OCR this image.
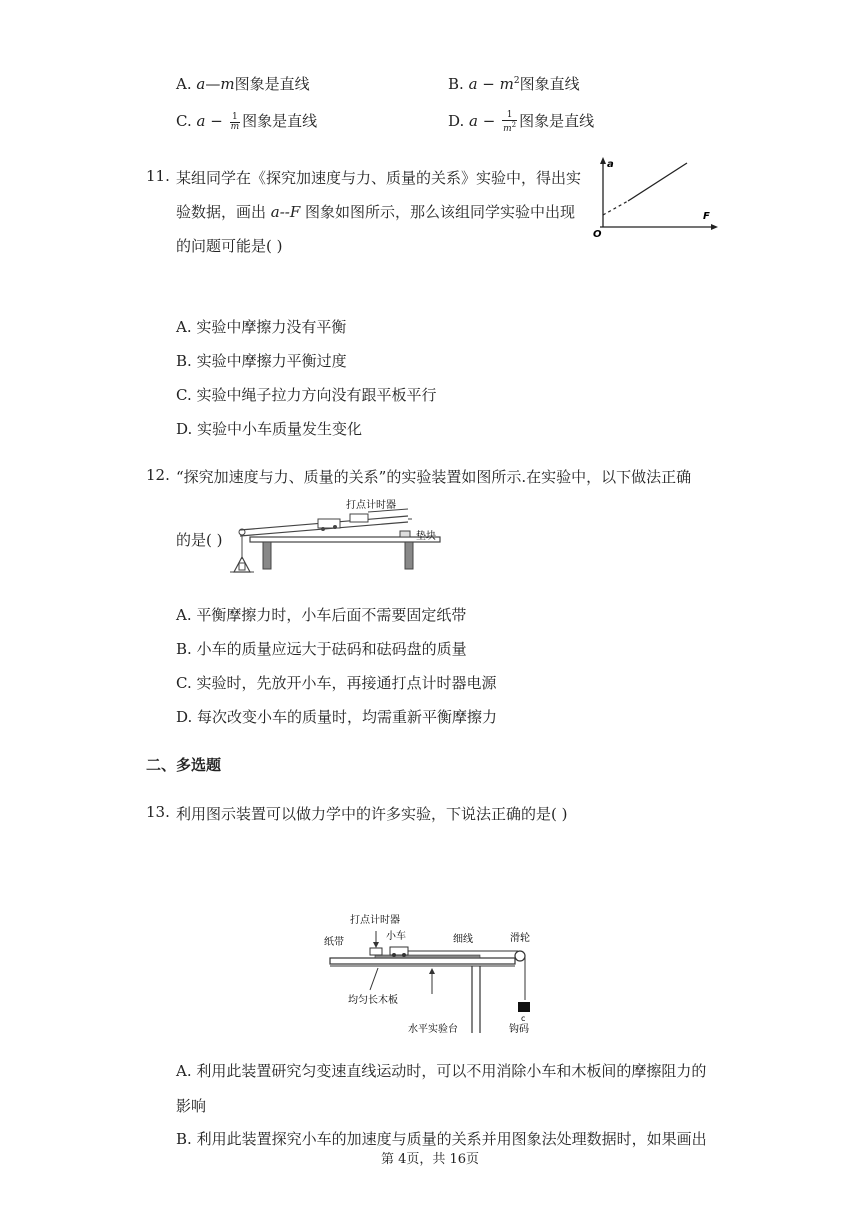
A. a—m图象是直线	B. $a - m^2$图象直线
C. $a - \frac{1}{m}$ 图象是直线	D. $a - \frac{1}{m^2}$ 图象是直线
11. 某组同学在《探究加速度与力、质量的关系》实验中，得出实
验数据，画出 a--F 图象如图所示，那么该组同学实验中出现
的问题可能是( )
a
F
O
A. 实验中摩擦力没有平衡
B. 实验中摩擦力平衡过度
C. 实验中绳子拉力方向没有跟平板平行
D. 实验中小车质量发生变化
12. “探究加速度与力、质量的关系”的实验装置如图所示.在实验中，以下做法正确
的是( )
打点计时器
垫块
A. 平衡摩擦力时，小车后面不需要固定纸带
B. 小车的质量应远大于砝码和砝码盘的质量
C. 实验时，先放开小车，再接通打点计时器电源
D. 每次改变小车的质量时，均需重新平衡摩擦力
二、多选题
13. 利用图示装置可以做力学中的许多实验，下说法正确的是( )
c
打点计时器
小车
纸带	细线	滑轮
均匀长木板
水平实验台	钩码
A. 利用此装置研究匀变速直线运动时，可以不用消除小车和木板间的摩擦阻力的
影响
B. 利用此装置探究小车的加速度与质量的关系并用图象法处理数据时，如果画出
第 4页，共 16页
